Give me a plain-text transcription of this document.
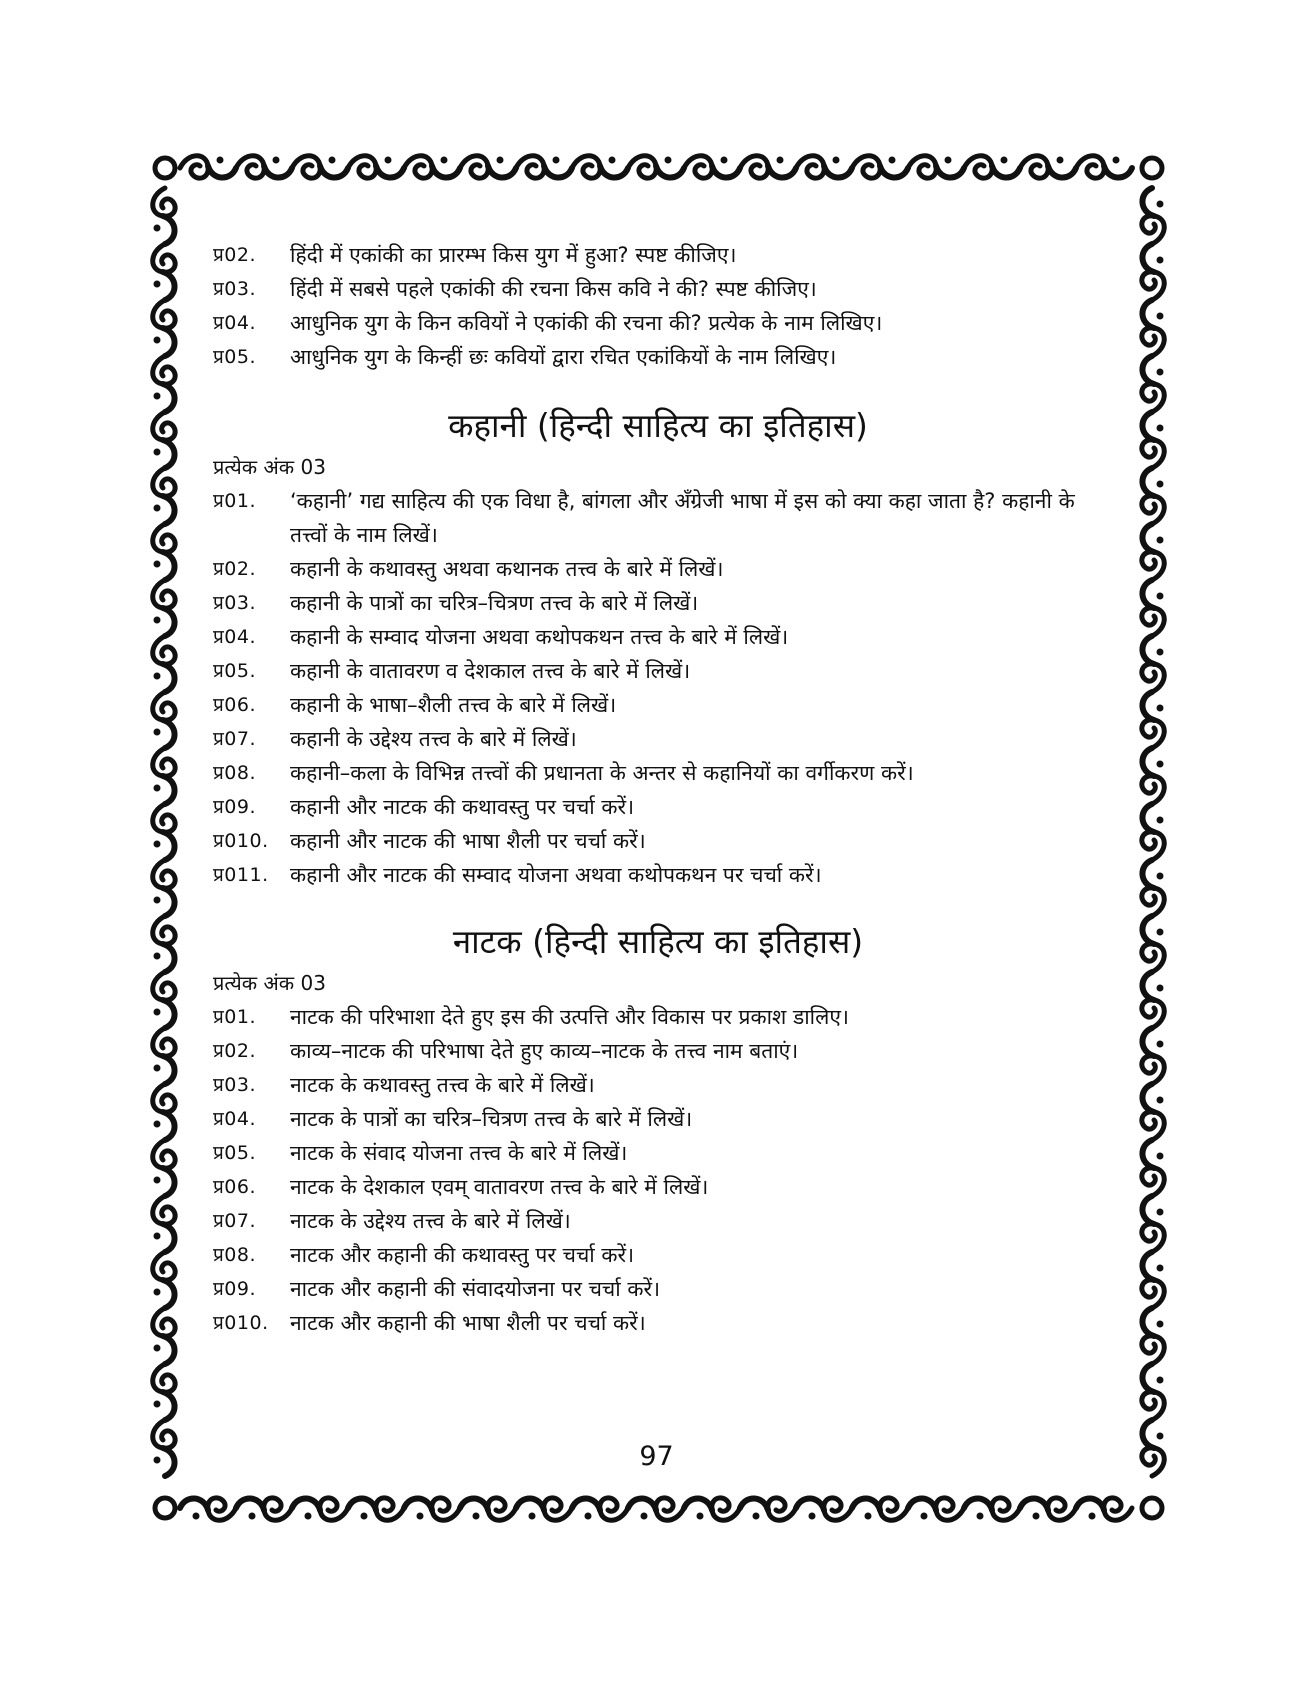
प्र02.	हिंदी में एकांकी का प्रारम्भ किस युग में हुआ? स्पष्ट कीजिए।
प्र03.	हिंदी में सबसे पहले एकांकी की रचना किस कवि ने की? स्पष्ट कीजिए।
प्र04.	आधुनिक युग के किन कवियों ने एकांकी की रचना की? प्रत्येक के नाम लिखिए।
प्र05.	आधुनिक युग के किन्हीं छः कवियों द्वारा रचित एकांकियों के नाम लिखिए।
कहानी (हिन्दी साहित्य का इतिहास)

प्रत्येक अंक 03

प्र01.	‘कहानी’ गद्य साहित्य की एक विधा है, बांगला और अँग्रेजी भाषा में इस को क्या कहा जाता है? कहानी के तत्त्वों के नाम लिखें।
प्र02.	कहानी के कथावस्तु अथवा कथानक तत्त्व के बारे में लिखें।
प्र03.	कहानी के पात्रों का चरित्र–चित्रण तत्त्व के बारे में लिखें।
प्र04.	कहानी के सम्वाद योजना अथवा कथोपकथन तत्त्व के बारे में लिखें।
प्र05.	कहानी के वातावरण व देशकाल तत्त्व के बारे में लिखें।
प्र06.	कहानी के भाषा–शैली तत्त्व के बारे में लिखें।
प्र07.	कहानी के उद्देश्य तत्त्व के बारे में लिखें।
प्र08.	कहानी–कला के विभिन्न तत्त्वों की प्रधानता के अन्तर से कहानियों का वर्गीकरण करें।
प्र09.	कहानी और नाटक की कथावस्तु पर चर्चा करें।
प्र010.	कहानी और नाटक की भाषा शैली पर चर्चा करें।
प्र011.	कहानी और नाटक की सम्वाद योजना अथवा कथोपकथन पर चर्चा करें।
नाटक (हिन्दी साहित्य का इतिहास)

प्रत्येक अंक 03

प्र01.	नाटक की परिभाशा देते हुए इस की उत्पत्ति और विकास पर प्रकाश डालिए।
प्र02.	काव्य–नाटक की परिभाषा देते हुए काव्य–नाटक के तत्त्व नाम बताएं।
प्र03.	नाटक के कथावस्तु तत्त्व के बारे में लिखें।
प्र04.	नाटक के पात्रों का चरित्र–चित्रण तत्त्व के बारे में लिखें।
प्र05.	नाटक के संवाद योजना तत्त्व के बारे में लिखें।
प्र06.	नाटक के देशकाल एवम् वातावरण तत्त्व के बारे में लिखें।
प्र07.	नाटक के उद्देश्य तत्त्व के बारे में लिखें।
प्र08.	नाटक और कहानी की कथावस्तु पर चर्चा करें।
प्र09.	नाटक और कहानी की संवादयोजना पर चर्चा करें।
प्र010.	नाटक और कहानी की भाषा शैली पर चर्चा करें।
97
